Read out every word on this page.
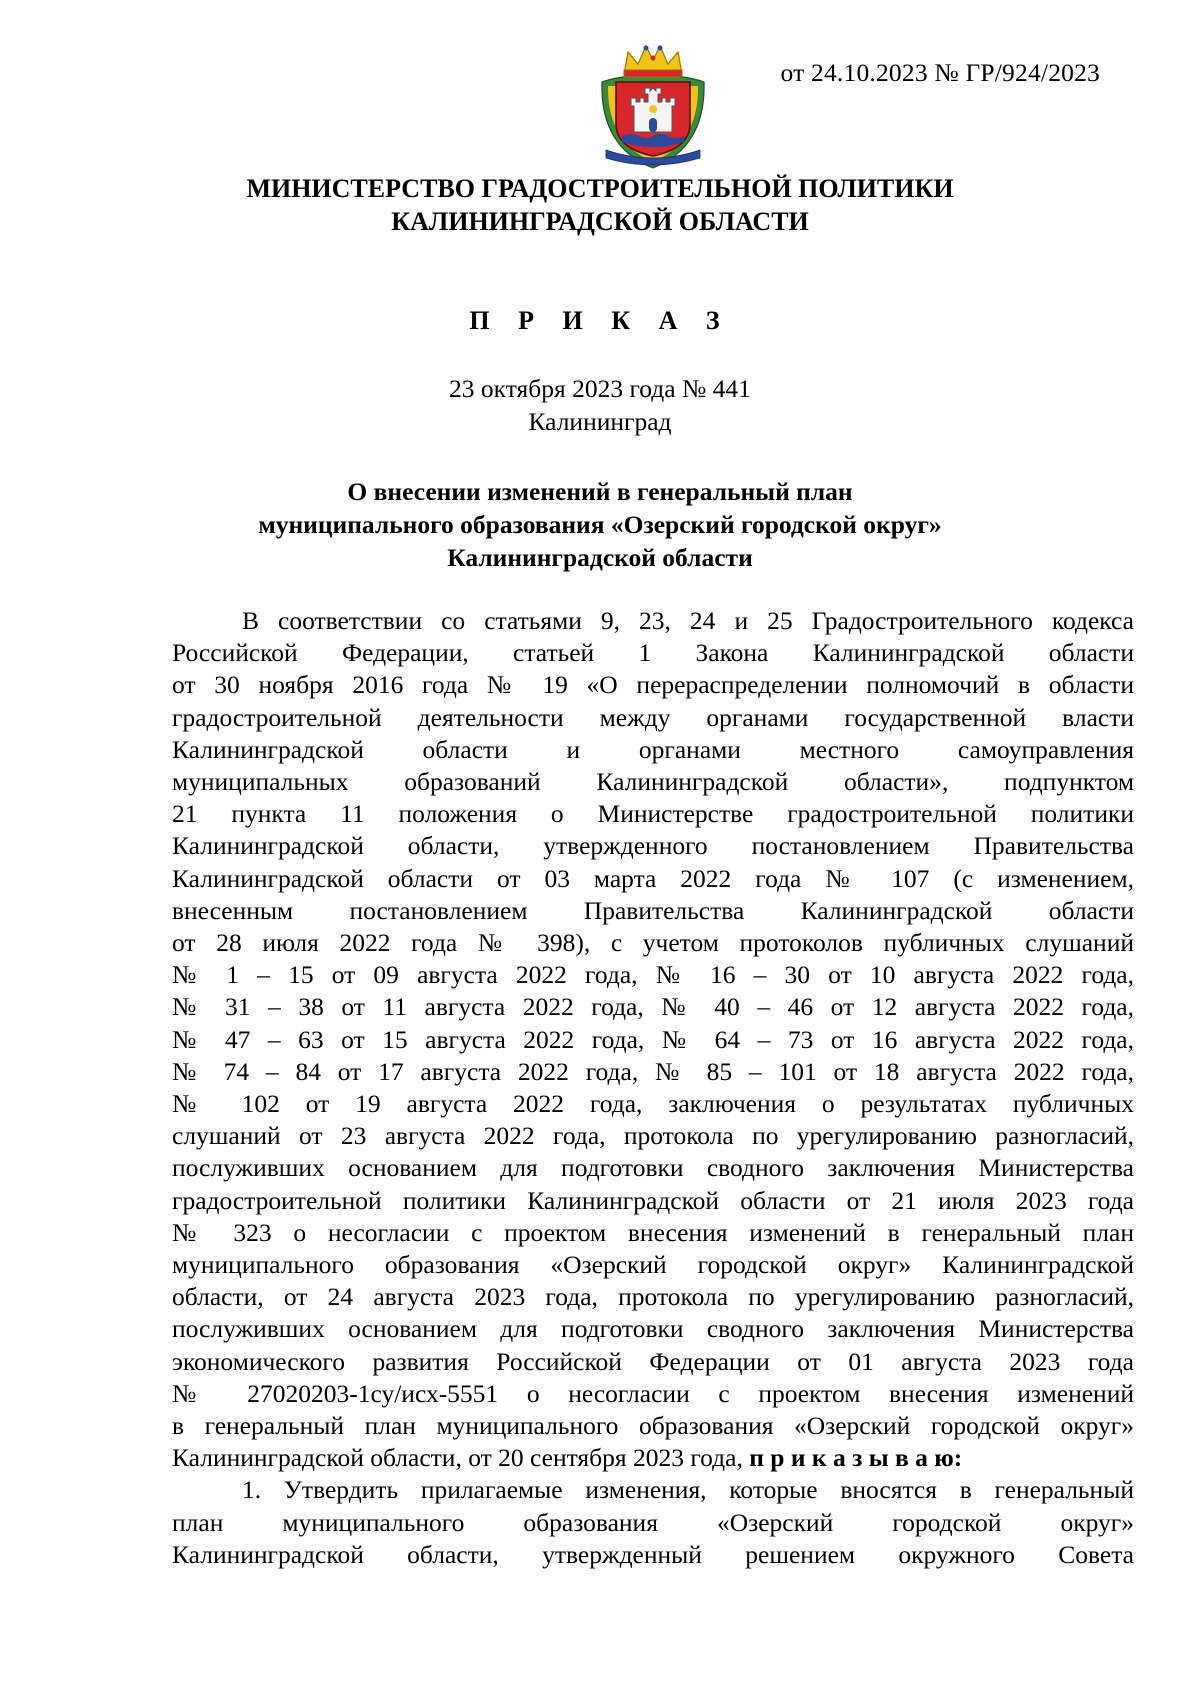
от 24.10.2023 № ГР/924/2023
МИНИСТЕРСТВО ГРАДОСТРОИТЕЛЬНОЙ ПОЛИТИКИ
КАЛИНИНГРАДСКОЙ ОБЛАСТИ
П Р И К А З
23 октября 2023 года № 441
Калининград
О внесении изменений в генеральный план
муниципального образования «Озерский городской округ»
Калининградской области
В соответствии со статьями 9, 23, 24 и 25 Градостроительного кодекса
Российской Федерации, статьей 1 Закона Калининградской области
от 30 ноября 2016 года № 19 «О перераспределении полномочий в области
градостроительной деятельности между органами государственной власти
Калининградской области и органами местного самоуправления
муниципальных образований Калининградской области», подпунктом
21 пункта 11 положения о Министерстве градостроительной политики
Калининградской области, утвержденного постановлением Правительства
Калининградской области от 03 марта 2022 года № 107 (с изменением,
внесенным постановлением Правительства Калининградской области
от 28 июля 2022 года № 398), с учетом протоколов публичных слушаний
№ 1 – 15 от 09 августа 2022 года, № 16 – 30 от 10 августа 2022 года,
№ 31 – 38 от 11 августа 2022 года, № 40 – 46 от 12 августа 2022 года,
№ 47 – 63 от 15 августа 2022 года, № 64 – 73 от 16 августа 2022 года,
№ 74 – 84 от 17 августа 2022 года, № 85 – 101 от 18 августа 2022 года,
№ 102 от 19 августа 2022 года, заключения о результатах публичных
слушаний от 23 августа 2022 года, протокола по урегулированию разногласий,
послуживших основанием для подготовки сводного заключения Министерства
градостроительной политики Калининградской области от 21 июля 2023 года
№ 323 о несогласии с проектом внесения изменений в генеральный план
муниципального образования «Озерский городской округ» Калининградской
области, от 24 августа 2023 года, протокола по урегулированию разногласий,
послуживших основанием для подготовки сводного заключения Министерства
экономического развития Российской Федерации от 01 августа 2023 года
№ 27020203-1су/исх-5551 о несогласии с проектом внесения изменений
в генеральный план муниципального образования «Озерский городской округ»
Калининградской области, от 20 сентября 2023 года, п р и к а з ы в а ю:
1. Утвердить прилагаемые изменения, которые вносятся в генеральный
план муниципального образования «Озерский городской округ»
Калининградской области, утвержденный решением окружного Совета
